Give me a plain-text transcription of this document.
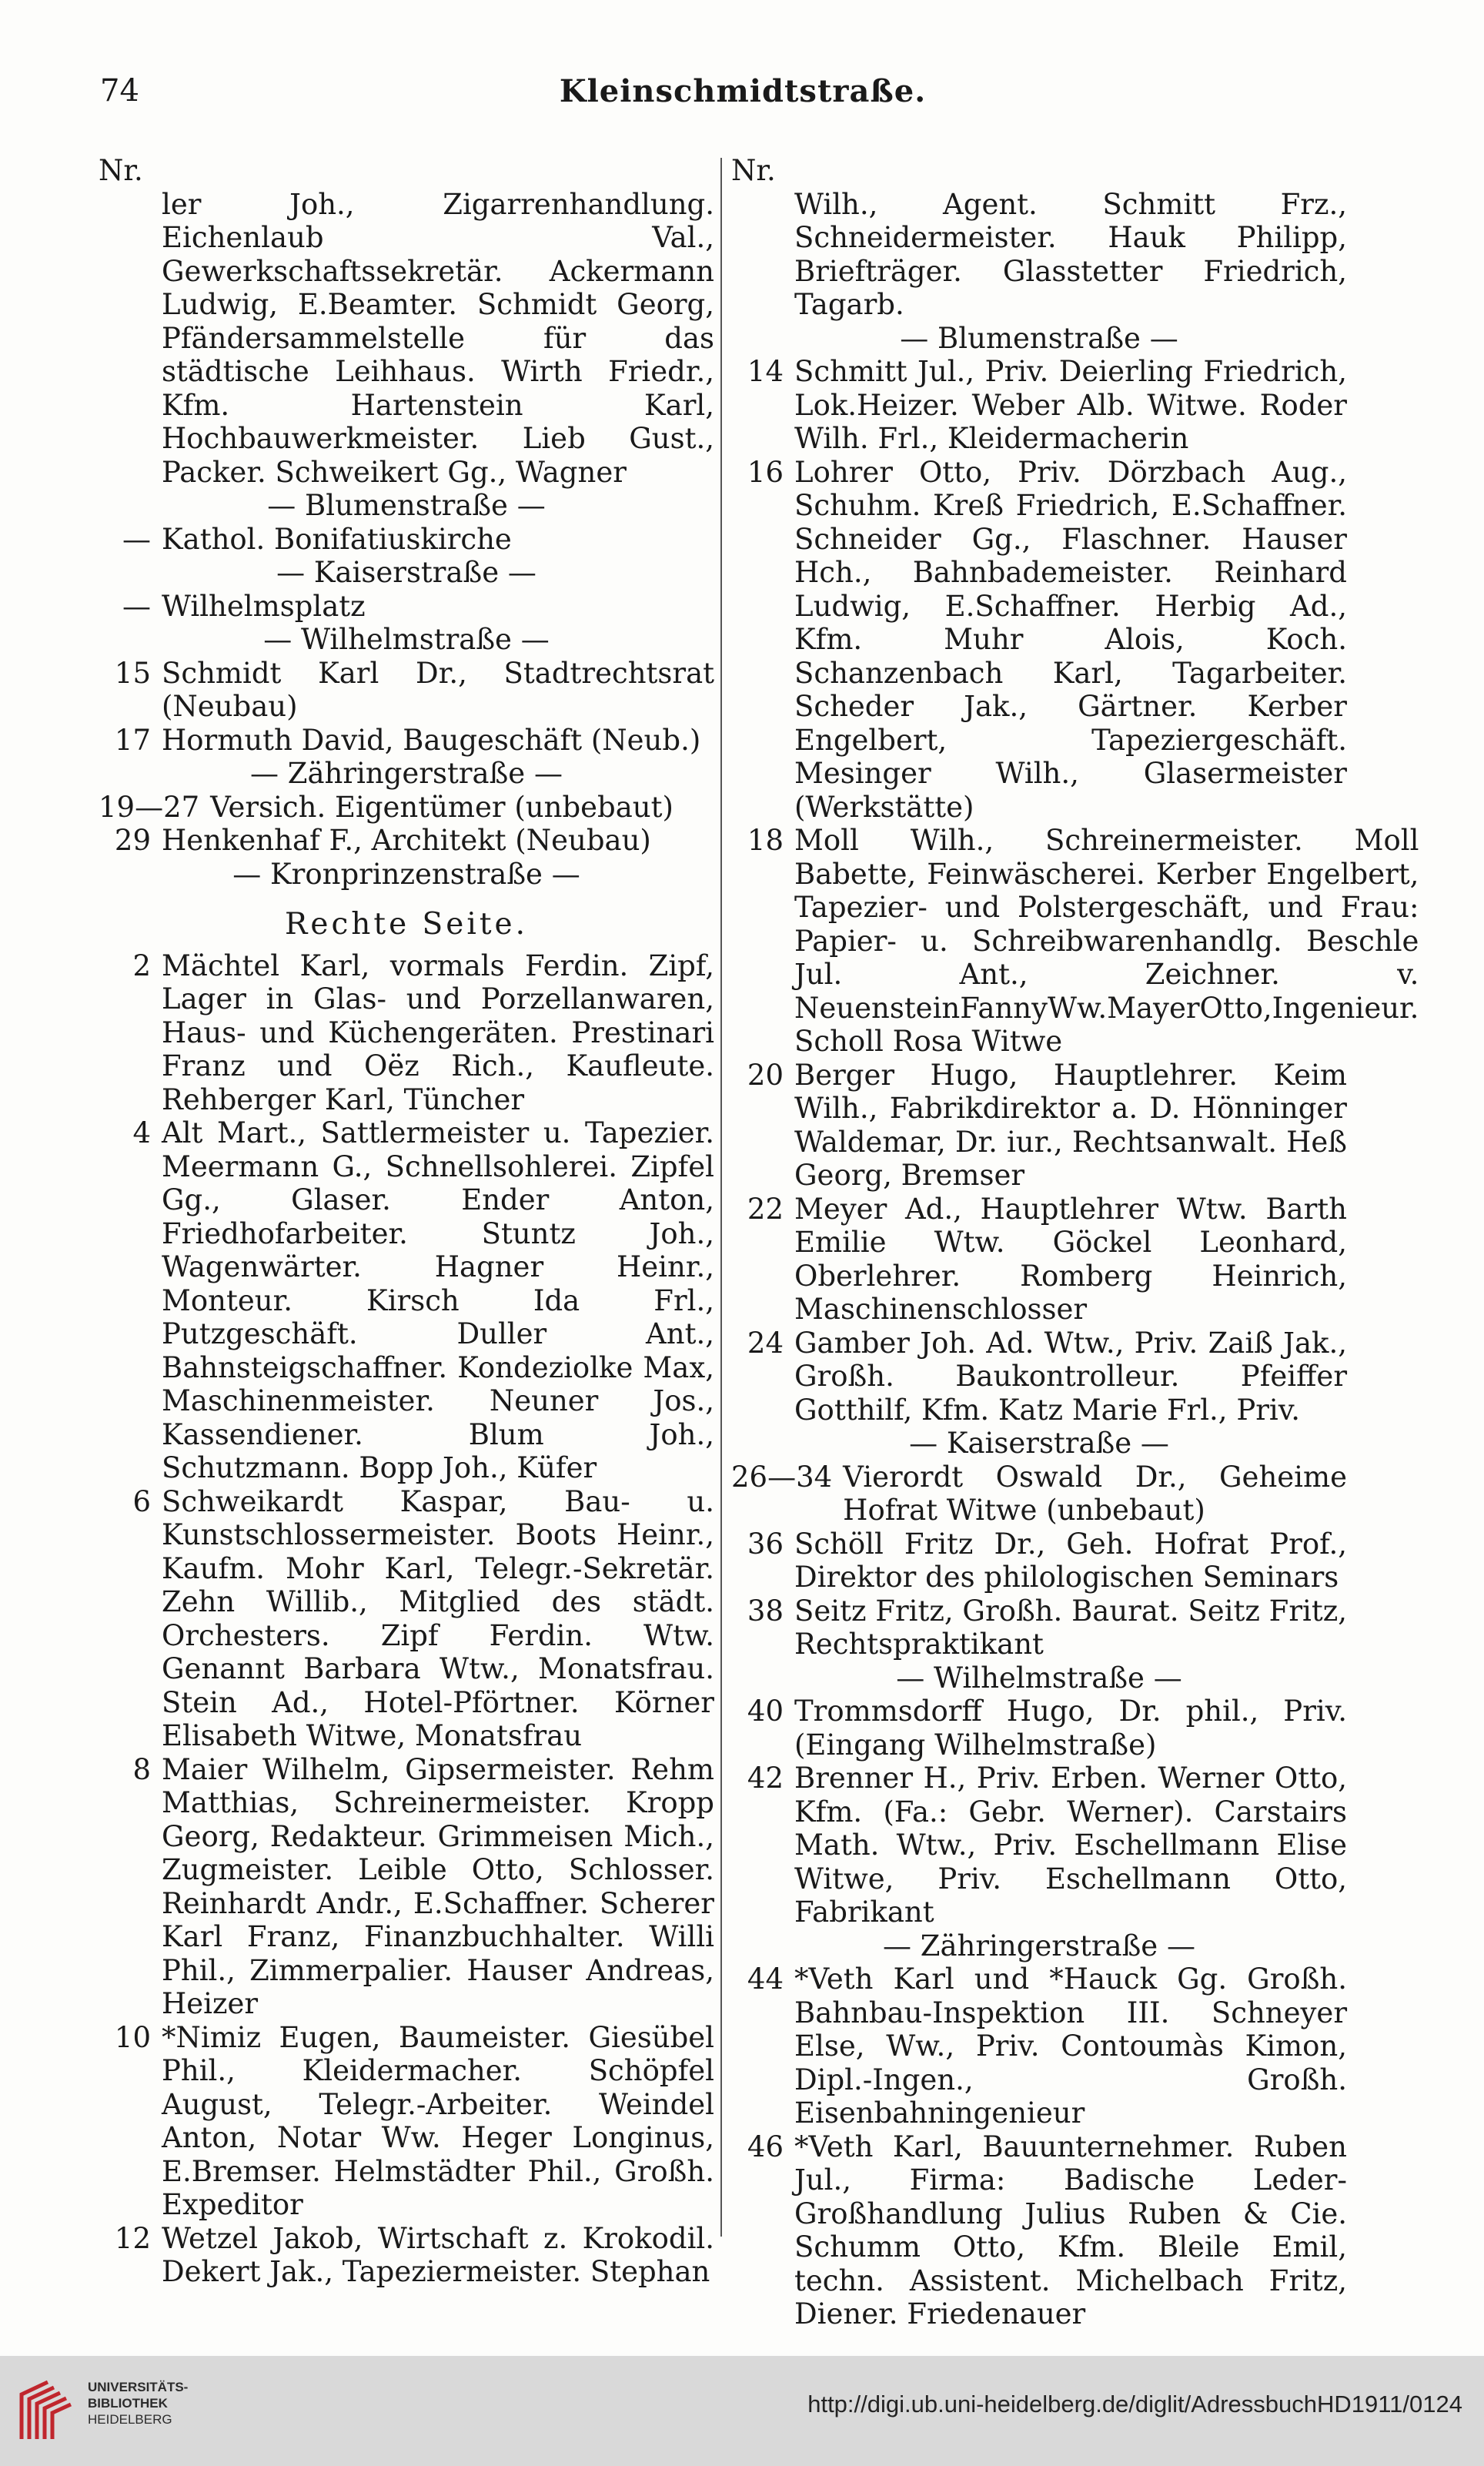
74	Kleinschmidtstraße.
Nr.
ler Joh., Zigarrenhandlung. Eichenlaub Val., Gewerkschaftssekretär. Ackermann Ludwig, E.Beamter. Schmidt Georg, Pfändersammelstelle für das städtische Leihhaus. Wirth Friedr., Kfm. Hartenstein Karl, Hochbauwerkmeister. Lieb Gust., Packer. Schweikert Gg., Wagner
— Blumenstraße —
— Kathol. Bonifatiuskirche
— Kaiserstraße —
— Wilhelmsplatz
— Wilhelmstraße —
15 Schmidt Karl Dr., Stadtrechtsrat (Neubau)
17 Hormuth David, Baugeschäft (Neub.)
— Zähringerstraße —
19—27 Versich. Eigentümer (unbebaut)
29 Henkenhaf F., Architekt (Neubau)
— Kronprinzenstraße —
Rechte Seite.
2 Mächtel Karl, vormals Ferdin. Zipf, Lager in Glas- und Porzellanwaren, Haus- und Küchengeräten. Prestinari Franz und Oëz Rich., Kaufleute. Rehberger Karl, Tüncher
4 Alt Mart., Sattlermeister u. Tapezier. Meermann G., Schnellsohlerei. Zipfel Gg., Glaser. Ender Anton, Friedhofarbeiter. Stuntz Joh., Wagenwärter. Hagner Heinr., Monteur. Kirsch Ida Frl., Putzgeschäft. Duller Ant., Bahnsteigschaffner. Kondeziolke Max, Maschinenmeister. Neuner Jos., Kassendiener. Blum Joh., Schutzmann. Bopp Joh., Küfer
6 Schweikardt Kaspar, Bau- u. Kunstschlossermeister. Boots Heinr., Kaufm. Mohr Karl, Telegr.-Sekretär. Zehn Willib., Mitglied des städt. Orchesters. Zipf Ferdin. Wtw. Genannt Barbara Wtw., Monatsfrau. Stein Ad., Hotel-Pförtner. Körner Elisabeth Witwe, Monatsfrau
8 Maier Wilhelm, Gipsermeister. Rehm Matthias, Schreinermeister. Kropp Georg, Redakteur. Grimmeisen Mich., Zugmeister. Leible Otto, Schlosser. Reinhardt Andr., E.Schaffner. Scherer Karl Franz, Finanzbuchhalter. Willi Phil., Zimmerpalier. Hauser Andreas, Heizer
10 *Nimiz Eugen, Baumeister. Giesübel Phil., Kleidermacher. Schöpfel August, Telegr.-Arbeiter. Weindel Anton, Notar Ww. Heger Longinus, E.Bremser. Helmstädter Phil., Großh. Expeditor
12 Wetzel Jakob, Wirtschaft z. Krokodil. Dekert Jak., Tapeziermeister. Stephan
Nr.
Wilh., Agent. Schmitt Frz., Schneidermeister. Hauk Philipp, Briefträger. Glasstetter Friedrich, Tagarb.
— Blumenstraße —
14 Schmitt Jul., Priv. Deierling Friedrich, Lok.Heizer. Weber Alb. Witwe. Roder Wilh. Frl., Kleidermacherin
16 Lohrer Otto, Priv. Dörzbach Aug., Schuhm. Kreß Friedrich, E.Schaffner. Schneider Gg., Flaschner. Hauser Hch., Bahnbademeister. Reinhard Ludwig, E.Schaffner. Herbig Ad., Kfm. Muhr Alois, Koch. Schanzenbach Karl, Tagarbeiter. Scheder Jak., Gärtner. Kerber Engelbert, Tapeziergeschäft. Mesinger Wilh., Glasermeister (Werkstätte)
18 Moll Wilh., Schreinermeister. Moll Babette, Feinwäscherei. Kerber Engelbert, Tapezier- und Polstergeschäft, und Frau: Papier- u. Schreibwarenhandlg. Beschle Jul. Ant., Zeichner. v. NeuensteinFannyWw.MayerOtto,Ingenieur. Scholl Rosa Witwe
20 Berger Hugo, Hauptlehrer. Keim Wilh., Fabrikdirektor a. D. Hönninger Waldemar, Dr. iur., Rechtsanwalt. Heß Georg, Bremser
22 Meyer Ad., Hauptlehrer Wtw. Barth Emilie Wtw. Göckel Leonhard, Oberlehrer. Romberg Heinrich, Maschinenschlosser
24 Gamber Joh. Ad. Wtw., Priv. Zaiß Jak., Großh. Baukontrolleur. Pfeiffer Gotthilf, Kfm. Katz Marie Frl., Priv.
— Kaiserstraße —
26—34 Vierordt Oswald Dr., Geheime Hofrat Witwe (unbebaut)
36 Schöll Fritz Dr., Geh. Hofrat Prof., Direktor des philologischen Seminars
38 Seitz Fritz, Großh. Baurat. Seitz Fritz, Rechtspraktikant
— Wilhelmstraße —
40 Trommsdorff Hugo, Dr. phil., Priv. (Eingang Wilhelmstraße)
42 Brenner H., Priv. Erben. Werner Otto, Kfm. (Fa.: Gebr. Werner). Carstairs Math. Wtw., Priv. Eschellmann Elise Witwe, Priv. Eschellmann Otto, Fabrikant
— Zähringerstraße —
44 *Veth Karl und *Hauck Gg. Großh. Bahnbau-Inspektion III. Schneyer Else, Ww., Priv. Contoumàs Kimon, Dipl.-Ingen., Großh. Eisenbahningenieur
46 *Veth Karl, Bauunternehmer. Ruben Jul., Firma: Badische Leder-Großhandlung Julius Ruben & Cie. Schumm Otto, Kfm. Bleile Emil, techn. Assistent. Michelbach Fritz, Diener. Friedenauer
UNIVERSITÄTS-
BIBLIOTHEK
HEIDELBERG
http://digi.ub.uni-heidelberg.de/diglit/AdressbuchHD1911/0124
